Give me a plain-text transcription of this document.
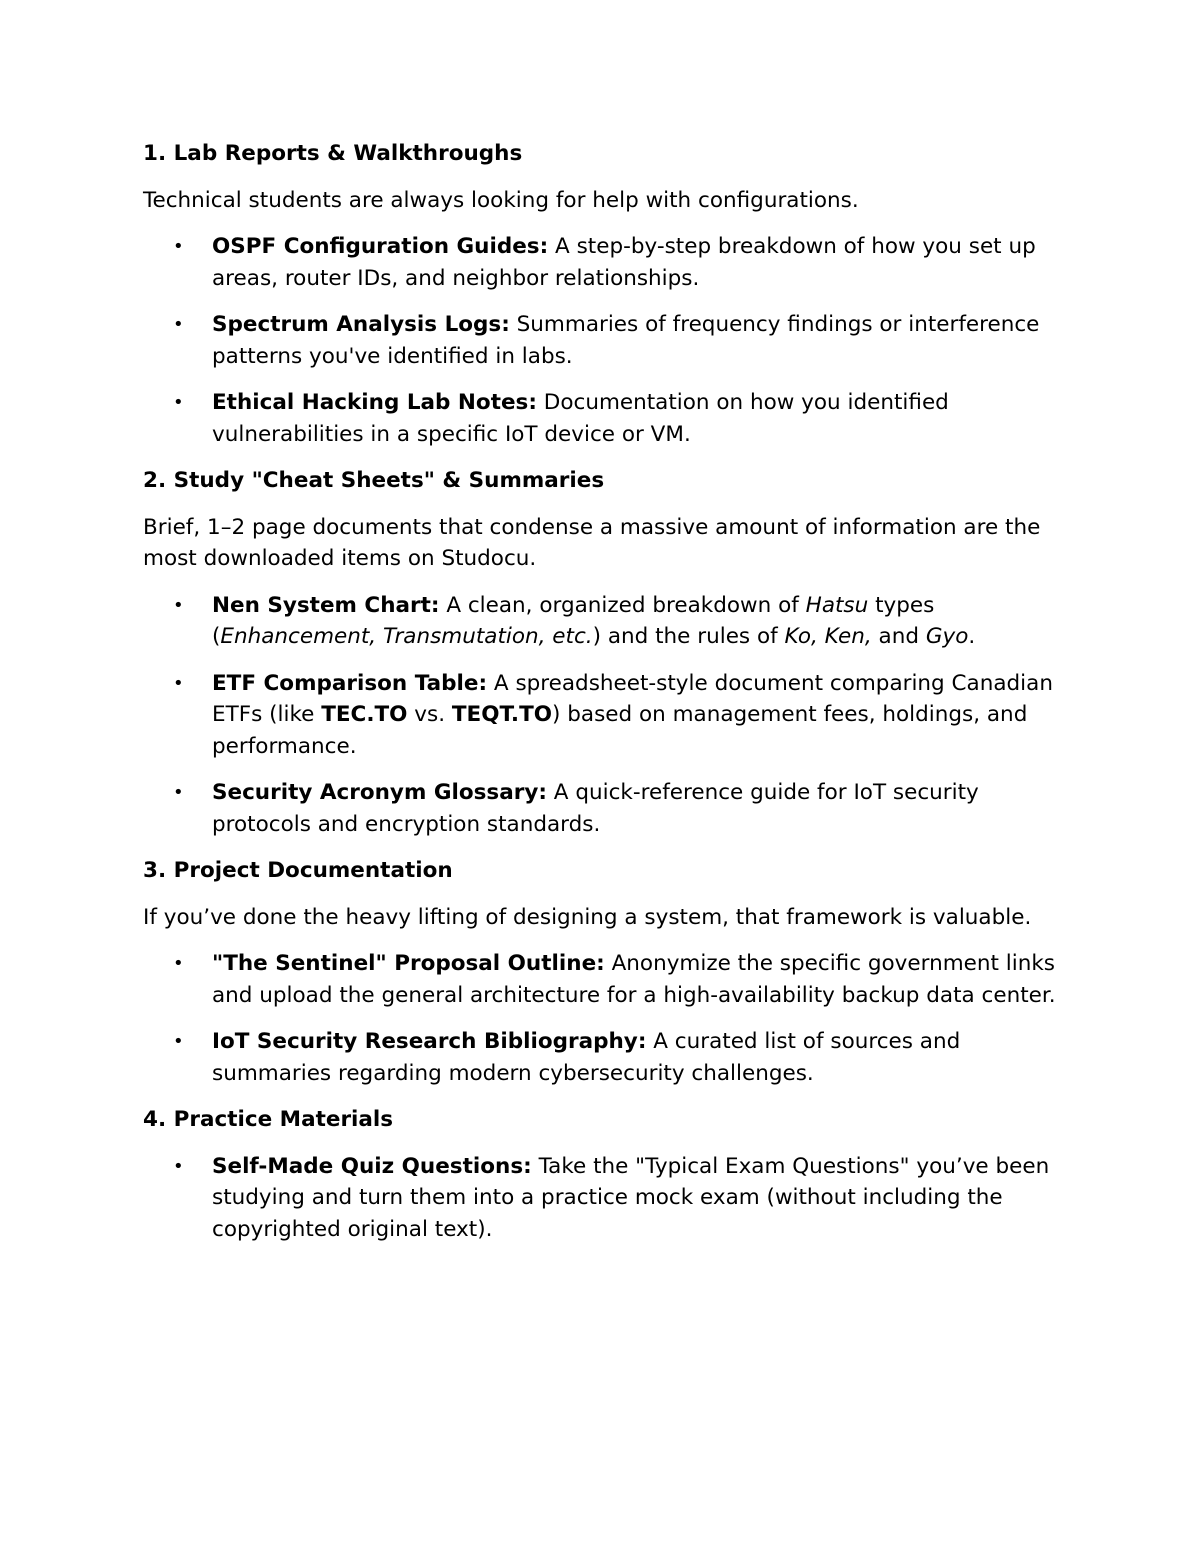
1. Lab Reports & Walkthroughs
Technical students are always looking for help with configurations.
• OSPF Configuration Guides: A step-by-step breakdown of how you set up areas, router IDs, and neighbor relationships.
• Spectrum Analysis Logs: Summaries of frequency findings or interference patterns you've identified in labs.
• Ethical Hacking Lab Notes: Documentation on how you identified vulnerabilities in a specific IoT device or VM.
2. Study "Cheat Sheets" & Summaries
Brief, 1–2 page documents that condense a massive amount of information are the most downloaded items on Studocu.
• Nen System Chart: A clean, organized breakdown of Hatsu types (Enhancement, Transmutation, etc.) and the rules of Ko, Ken, and Gyo.
• ETF Comparison Table: A spreadsheet-style document comparing Canadian ETFs (like TEC.TO vs. TEQT.TO) based on management fees, holdings, and performance.
• Security Acronym Glossary: A quick-reference guide for IoT security protocols and encryption standards.
3. Project Documentation
If you’ve done the heavy lifting of designing a system, that framework is valuable.
• "The Sentinel" Proposal Outline: Anonymize the specific government links and upload the general architecture for a high-availability backup data center.
• IoT Security Research Bibliography: A curated list of sources and summaries regarding modern cybersecurity challenges.
4. Practice Materials
• Self-Made Quiz Questions: Take the "Typical Exam Questions" you’ve been studying and turn them into a practice mock exam (without including the copyrighted original text).
